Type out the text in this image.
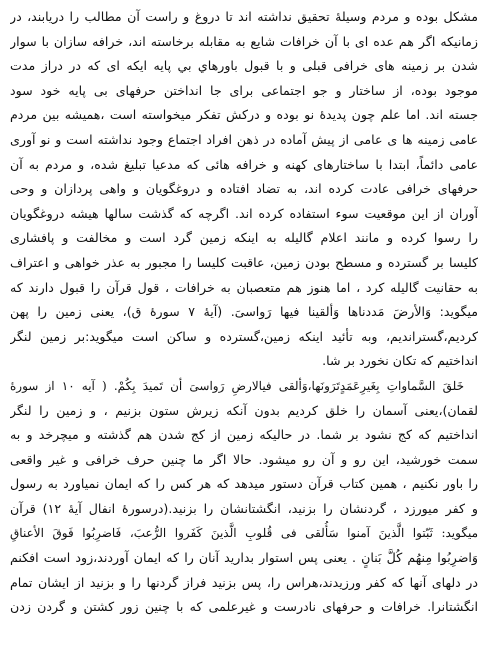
مشکل بوده و مردم وسیلهٔ تحقیق نداشته اند تا دروغ و راست آن مطالب را دریابند، در
زمانیکه اگر هم عده ای با آن خرافات شایع به مقابله برخاسته اند، خرافه سازان با سوار
شدن بر زمینه های خرافی قبلی و با قبول باورهاي بي پايه ایکه ای که در دراز مدت
موجود بوده، از ساختار و جو اجتماعی برای جا انداختن حرفهای بی پایه خود سود
جسته اند. اما علم چون پدیدهٔ نو بوده و درکش تفکر میخواسته است ،همیشه بین مردم
عامی زمینه ها ی عامی از پیش آماده در ذهن افراد اجتماع وجود نداشته است و نو آوری
عامی دائماً، ابتدا با ساختارهای کهنه و خرافه هائی که مدعیا تبلیغ شده، و مردم به آن
حرفهای خرافی عادت کرده اند، به تضاد افتاده و دروغگویان و واهی پردازان و وحی
آوران از این موقعیت سوء استفاده کرده اند. اگرچه که گذشت سالها هیشه دروغگویان
را رسوا کرده و مانند اعلام گالیله به اینکه زمین گرد است و مخالفت و پافشاری
کلیسا بر گسترده و مسطح بودن زمین، عاقبت کلیسا را مجبور به عذر خواهی و اعتراف
به حقانیت گالیله کرد ، اما هنوز هم متعصبان به خرافات ، قول قرآن را قبول دارند که
میگوید: وَالأرضَ مَددناها وَألقینا فیها رَواسیَ. (آیهٔ ۷ سورهٔ ق)، یعنی زمین را پهن
کردیم،گستراندیم، وبه تأئید اینکه زمین،گسترده و ساکن است میگوید:بر زمین لنگر
انداختیم که تکان نخورد بر شا.
خَلقَ السَّماواتِ بِغَیرِعَمَدٍتَرَونَها،وَألقی فیالارضِ رَواسیَ أن تَمیدَ بِکُمْ. ( آیه ۱۰ از سورهٔ
لقمان)،یعنی آسمان را خلق کردیم بدون آنکه زیرش ستون بزنیم ، و زمین را لنگر
انداختیم که کج نشود بر شما. در حالیکه زمین از کج شدن هم گذشته و میچرخد و به
سمت خورشید، این رو و آن رو میشود. حالا اگر ما چنین حرف خرافی و غیر واقعی
را باور نکنیم ، همین کتاب قرآن دستور میدهد که هر کس را که ایمان نمیاورد به رسول
و کفر میورزد ، گردنشان را بزنید، انگشتانشان را بزنید.(درسورهٔ انفال آیهٔ ۱۲) قرآن
میگوید: ثَبّتوا الَّذینَ آمنوا سَأُلقی فی قُلوبِ الَّذینَ کَفَروا الرُّعبَ، فَاضرِبُوا فَوقَ الأعناقِ
وَاضرِبُوا مِنهُم کُلَّ بَنانٍ . یعنی پس استوار بدارید آنان را که ایمان آوردند،زود است افکنم
در دلهای آنها که کفر ورزیدند،هراس را، پس بزنید فراز گردنها را و بزنید از ایشان تمام
انگشتانرا. خرافات و حرفهای نادرست و غیرعلمی که با چنین زور کشتن و گردن زدن
